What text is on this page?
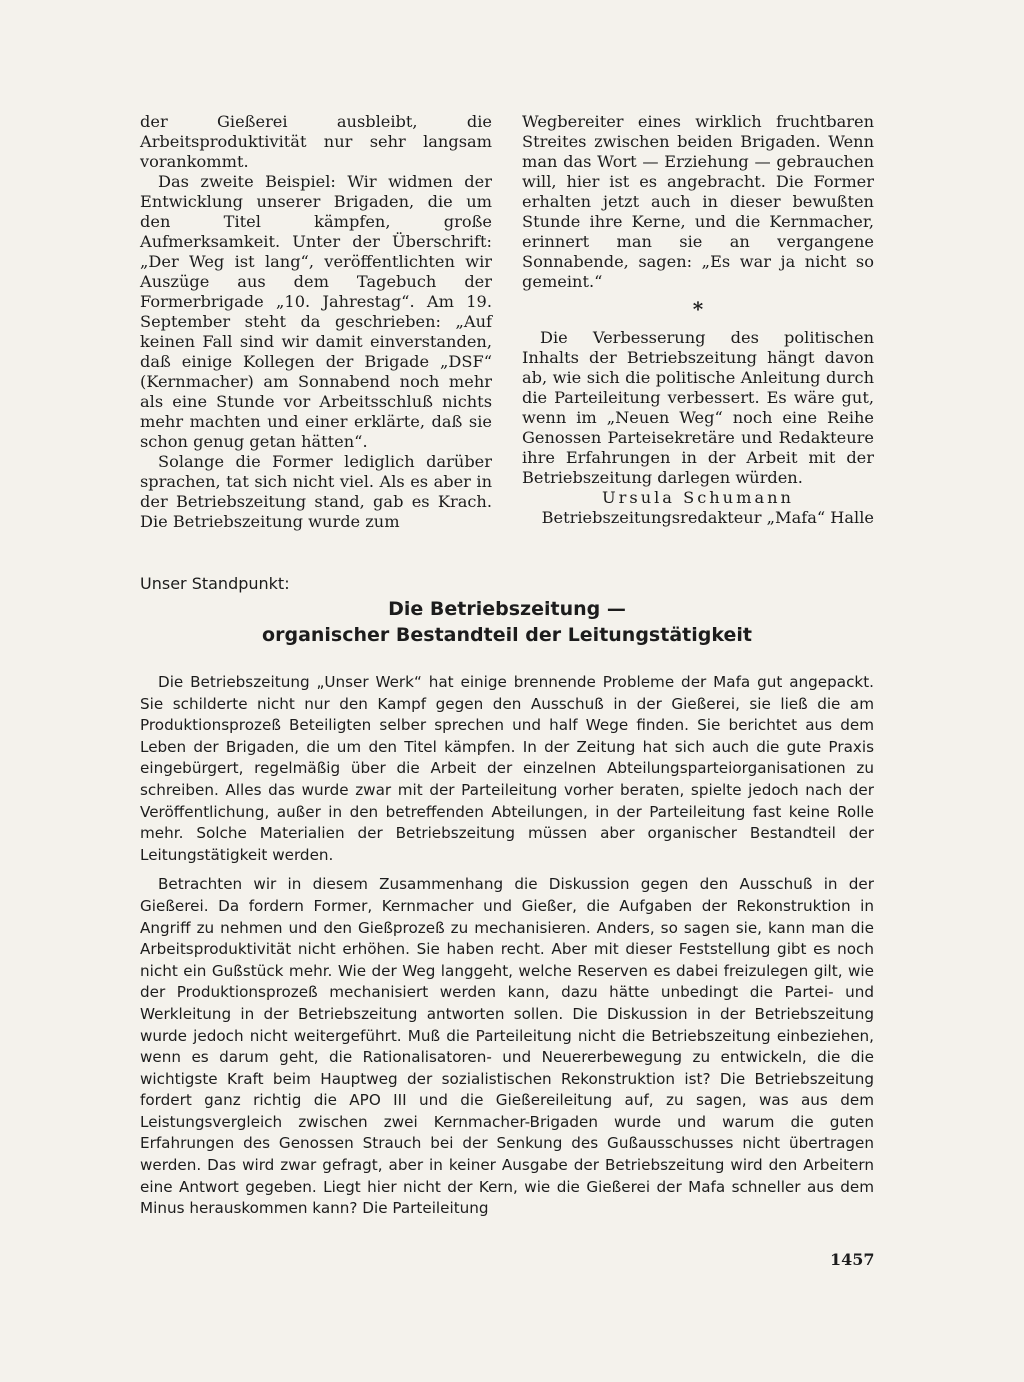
der Gießerei ausbleibt, die Arbeitsproduktivität nur sehr langsam vorankommt.

Das zweite Beispiel: Wir widmen der Entwicklung unserer Brigaden, die um den Titel kämpfen, große Aufmerksamkeit. Unter der Überschrift: „Der Weg ist lang“, veröffentlichten wir Auszüge aus dem Tagebuch der Formerbrigade „10. Jahrestag“. Am 19. September steht da geschrieben: „Auf keinen Fall sind wir damit einverstanden, daß einige Kollegen der Brigade „DSF“ (Kernmacher) am Sonnabend noch mehr als eine Stunde vor Arbeitsschluß nichts mehr machten und einer erklärte, daß sie schon genug getan hätten“.

Solange die Former lediglich darüber sprachen, tat sich nicht viel. Als es aber in der Betriebszeitung stand, gab es Krach. Die Betriebszeitung wurde zum

Wegbereiter eines wirklich fruchtbaren Streites zwischen beiden Brigaden. Wenn man das Wort — Erziehung — gebrauchen will, hier ist es angebracht. Die Former erhalten jetzt auch in dieser bewußten Stunde ihre Kerne, und die Kernmacher, erinnert man sie an vergangene Sonnabende, sagen: „Es war ja nicht so gemeint.“

*

Die Verbesserung des politischen Inhalts der Betriebszeitung hängt davon ab, wie sich die politische Anleitung durch die Parteileitung verbessert. Es wäre gut, wenn im „Neuen Weg“ noch eine Reihe Genossen Parteisekretäre und Redakteure ihre Erfahrungen in der Arbeit mit der Betriebszeitung darlegen würden.

Ursula Schumann

Betriebszeitungsredakteur „Mafa“ Halle

Unser Standpunkt:
Die Betriebszeitung —
organischer Bestandteil der Leitungstätigkeit

Die Betriebszeitung „Unser Werk“ hat einige brennende Probleme der Mafa gut angepackt. Sie schilderte nicht nur den Kampf gegen den Ausschuß in der Gießerei, sie ließ die am Produktionsprozeß Beteiligten selber sprechen und half Wege finden. Sie berichtet aus dem Leben der Brigaden, die um den Titel kämpfen. In der Zeitung hat sich auch die gute Praxis eingebürgert, regelmäßig über die Arbeit der einzelnen Abteilungsparteiorganisationen zu schreiben. Alles das wurde zwar mit der Parteileitung vorher beraten, spielte jedoch nach der Veröffentlichung, außer in den betreffenden Abteilungen, in der Parteileitung fast keine Rolle mehr. Solche Materialien der Betriebszeitung müssen aber organischer Bestandteil der Leitungstätigkeit werden.

Betrachten wir in diesem Zusammenhang die Diskussion gegen den Ausschuß in der Gießerei. Da fordern Former, Kernmacher und Gießer, die Aufgaben der Rekonstruktion in Angriff zu nehmen und den Gießprozeß zu mechanisieren. Anders, so sagen sie, kann man die Arbeitsproduktivität nicht erhöhen. Sie haben recht. Aber mit dieser Feststellung gibt es noch nicht ein Gußstück mehr. Wie der Weg langgeht, welche Reserven es dabei freizulegen gilt, wie der Produktionsprozeß mechanisiert werden kann, dazu hätte unbedingt die Partei- und Werkleitung in der Betriebszeitung antworten sollen. Die Diskussion in der Betriebszeitung wurde jedoch nicht weitergeführt. Muß die Parteileitung nicht die Betriebszeitung einbeziehen, wenn es darum geht, die Rationalisatoren- und Neuererbewegung zu entwickeln, die die wichtigste Kraft beim Hauptweg der sozialistischen Rekonstruktion ist? Die Betriebszeitung fordert ganz richtig die APO III und die Gießereileitung auf, zu sagen, was aus dem Leistungsvergleich zwischen zwei Kernmacher-Brigaden wurde und warum die guten Erfahrungen des Genossen Strauch bei der Senkung des Gußausschusses nicht übertragen werden. Das wird zwar gefragt, aber in keiner Ausgabe der Betriebszeitung wird den Arbeitern eine Antwort gegeben. Liegt hier nicht der Kern, wie die Gießerei der Mafa schneller aus dem Minus herauskommen kann? Die Parteileitung

1457
